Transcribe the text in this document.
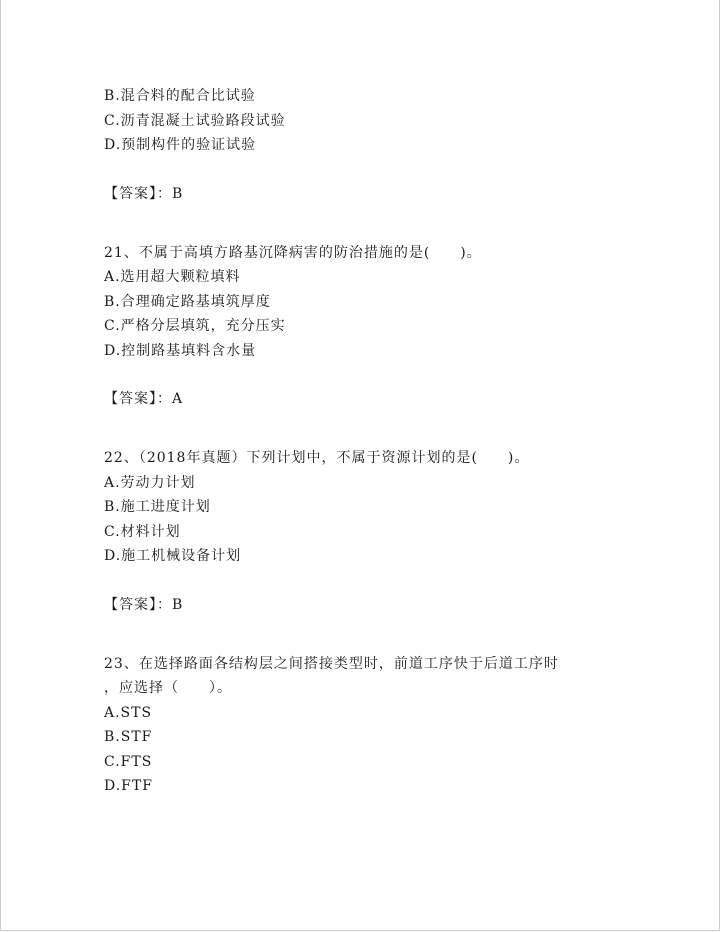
B.混合料的配合比试验
C.沥青混凝土试验路段试验
D.预制构件的验证试验
【答案】：B
21、不属于高填方路基沉降病害的防治措施的是(　　)。
A.选用超大颗粒填料
B.合理确定路基填筑厚度
C.严格分层填筑，充分压实
D.控制路基填料含水量
【答案】：A
22、（2018年真题）下列计划中，不属于资源计划的是(　　)。
A.劳动力计划
B.施工进度计划
C.材料计划
D.施工机械设备计划
【答案】：B
23、在选择路面各结构层之间搭接类型时，前道工序快于后道工序时
，应选择（　　）。
A.STS
B.STF
C.FTS
D.FTF
